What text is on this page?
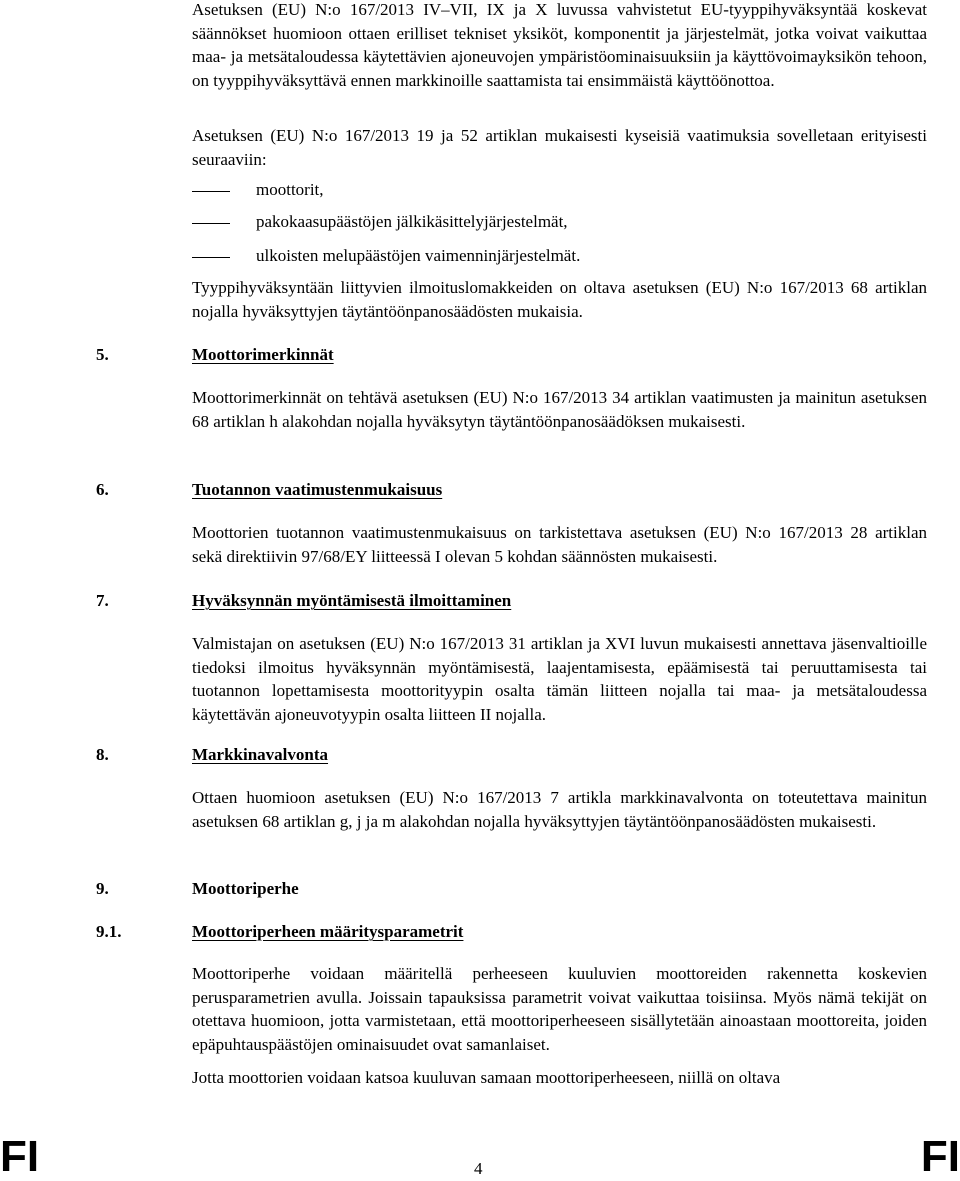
Asetuksen (EU) N:o 167/2013 IV–VII, IX ja X luvussa vahvistetut EU-tyyppihyväksyntää koskevat säännökset huomioon ottaen erilliset tekniset yksiköt, komponentit ja järjestelmät, jotka voivat vaikuttaa maa- ja metsätaloudessa käytettävien ajoneuvojen ympäristöominaisuuksiin ja käyttövoimayksikön tehoon, on tyyppihyväksyttävä ennen markkinoille saattamista tai ensimmäistä käyttöönottoa.

Asetuksen (EU) N:o 167/2013 19 ja 52 artiklan mukaisesti kyseisiä vaatimuksia sovelletaan erityisesti seuraaviin:

moottorit,
pakokaasupäästöjen jälkikäsittelyjärjestelmät,
ulkoisten melupäästöjen vaimenninjärjestelmät.

Tyyppihyväksyntään liittyvien ilmoituslomakkeiden on oltava asetuksen (EU) N:o 167/2013 68 artiklan nojalla hyväksyttyjen täytäntöönpanosäädösten mukaisia.

5.	Moottorimerkinnät

Moottorimerkinnät on tehtävä asetuksen (EU) N:o 167/2013 34 artiklan vaatimusten ja mainitun asetuksen 68 artiklan h alakohdan nojalla hyväksytyn täytäntöönpanosäädöksen mukaisesti.

6.	Tuotannon vaatimustenmukaisuus

Moottorien tuotannon vaatimustenmukaisuus on tarkistettava asetuksen (EU) N:o 167/2013 28 artiklan sekä direktiivin 97/68/EY liitteessä I olevan 5 kohdan säännösten mukaisesti.

7.	Hyväksynnän myöntämisestä ilmoittaminen

Valmistajan on asetuksen (EU) N:o 167/2013 31 artiklan ja XVI luvun mukaisesti annettava jäsenvaltioille tiedoksi ilmoitus hyväksynnän myöntämisestä, laajentamisesta, epäämisestä tai peruuttamisesta tai tuotannon lopettamisesta moottorityypin osalta tämän liitteen nojalla tai maa- ja metsätaloudessa käytettävän ajoneuvotyypin osalta liitteen II nojalla.

8.	Markkinavalvonta

Ottaen huomioon asetuksen (EU) N:o 167/2013 7 artikla markkinavalvonta on toteutettava mainitun asetuksen 68 artiklan g, j ja m alakohdan nojalla hyväksyttyjen täytäntöönpanosäädösten mukaisesti.

9.	Moottoriperhe
9.1.	Moottoriperheen määritysparametrit

Moottoriperhe voidaan määritellä perheeseen kuuluvien moottoreiden rakennetta koskevien perusparametrien avulla. Joissain tapauksissa parametrit voivat vaikuttaa toisiinsa. Myös nämä tekijät on otettava huomioon, jotta varmistetaan, että moottoriperheeseen sisällytetään ainoastaan moottoreita, joiden epäpuhtauspäästöjen ominaisuudet ovat samanlaiset.

Jotta moottorien voidaan katsoa kuuluvan samaan moottoriperheeseen, niillä on oltava

FI	4	FI
